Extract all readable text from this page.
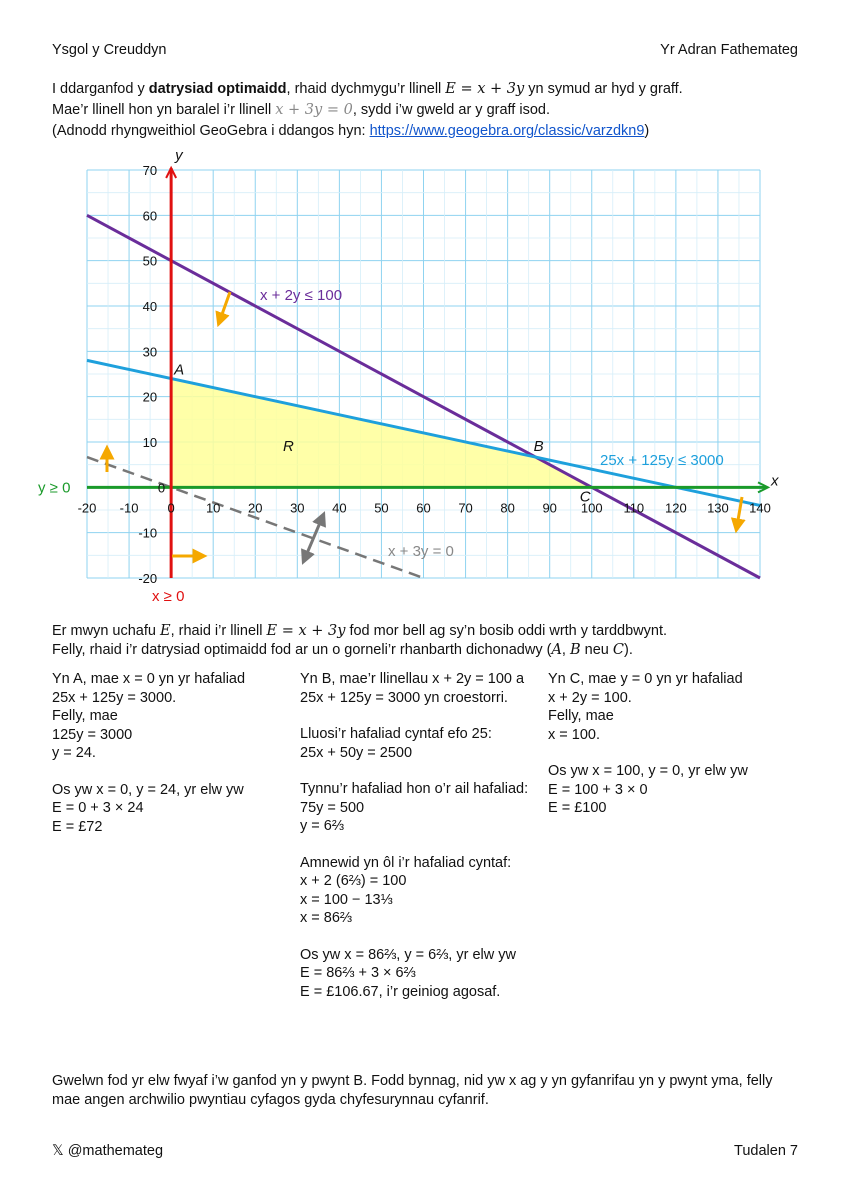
Ysgol y Creuddyn	Yr Adran Fathemateg
I ddarganfod y datrysiad optimaidd, rhaid dychmygu’r llinell E = x + 3y yn symud ar hyd y graff.
Mae’r llinell hon yn baralel i’r llinell x + 3y = 0, sydd i’w gweld ar y graff isod.
(Adnodd rhyngweithiol GeoGebra i ddangos hyn: https://www.geogebra.org/classic/varzdkn9)
-20 -10 0 10 20 30 40 50 60 70 80 90 100 110 120 130 140
70
60
50
40
30
20
10
-10
-20
0	x
y
x + 2y ≤ 100
25x + 125y ≤ 3000
x + 3y = 0
y ≥ 0
x ≥ 0
R
A
B
C
Er mwyn uchafu E, rhaid i’r llinell E = x + 3y fod mor bell ag sy’n bosib oddi wrth y tarddbwynt.
Felly, rhaid i’r datrysiad optimaidd fod ar un o gorneli’r rhanbarth dichonadwy (A, B neu C).
Yn A, mae x = 0 yn yr hafaliad
25x + 125y = 3000.
Felly, mae
125y = 3000
y = 24.
Os yw x = 0, y = 24, yr elw yw
E = 0 + 3 × 24
E = £72
Yn B, mae’r llinellau x + 2y = 100 a
25x + 125y = 3000 yn croestorri.
Lluosi’r hafaliad cyntaf efo 25:
25x + 50y = 2500
Tynnu’r hafaliad hon o’r ail hafaliad:
75y = 500
y = 6⅔
Amnewid yn ôl i’r hafaliad cyntaf:
x + 2 (6⅔) = 100
x = 100 − 13⅓
x = 86⅔
Os yw x = 86⅔, y = 6⅔, yr elw yw
E = 86⅔ + 3 × 6⅔
E = £106.67, i’r geiniog agosaf.
Yn C, mae y = 0 yn yr hafaliad
x + 2y = 100.
Felly, mae
x = 100.
Os yw x = 100, y = 0, yr elw yw
E = 100 + 3 × 0
E = £100
Gwelwn fod yr elw fwyaf i’w ganfod yn y pwynt B. Fodd bynnag, nid yw x ag y yn gyfanrifau yn y pwynt yma, felly
mae angen archwilio pwyntiau cyfagos gyda chyfesurynnau cyfanrif.
𝕏 @mathemateg	Tudalen 7
